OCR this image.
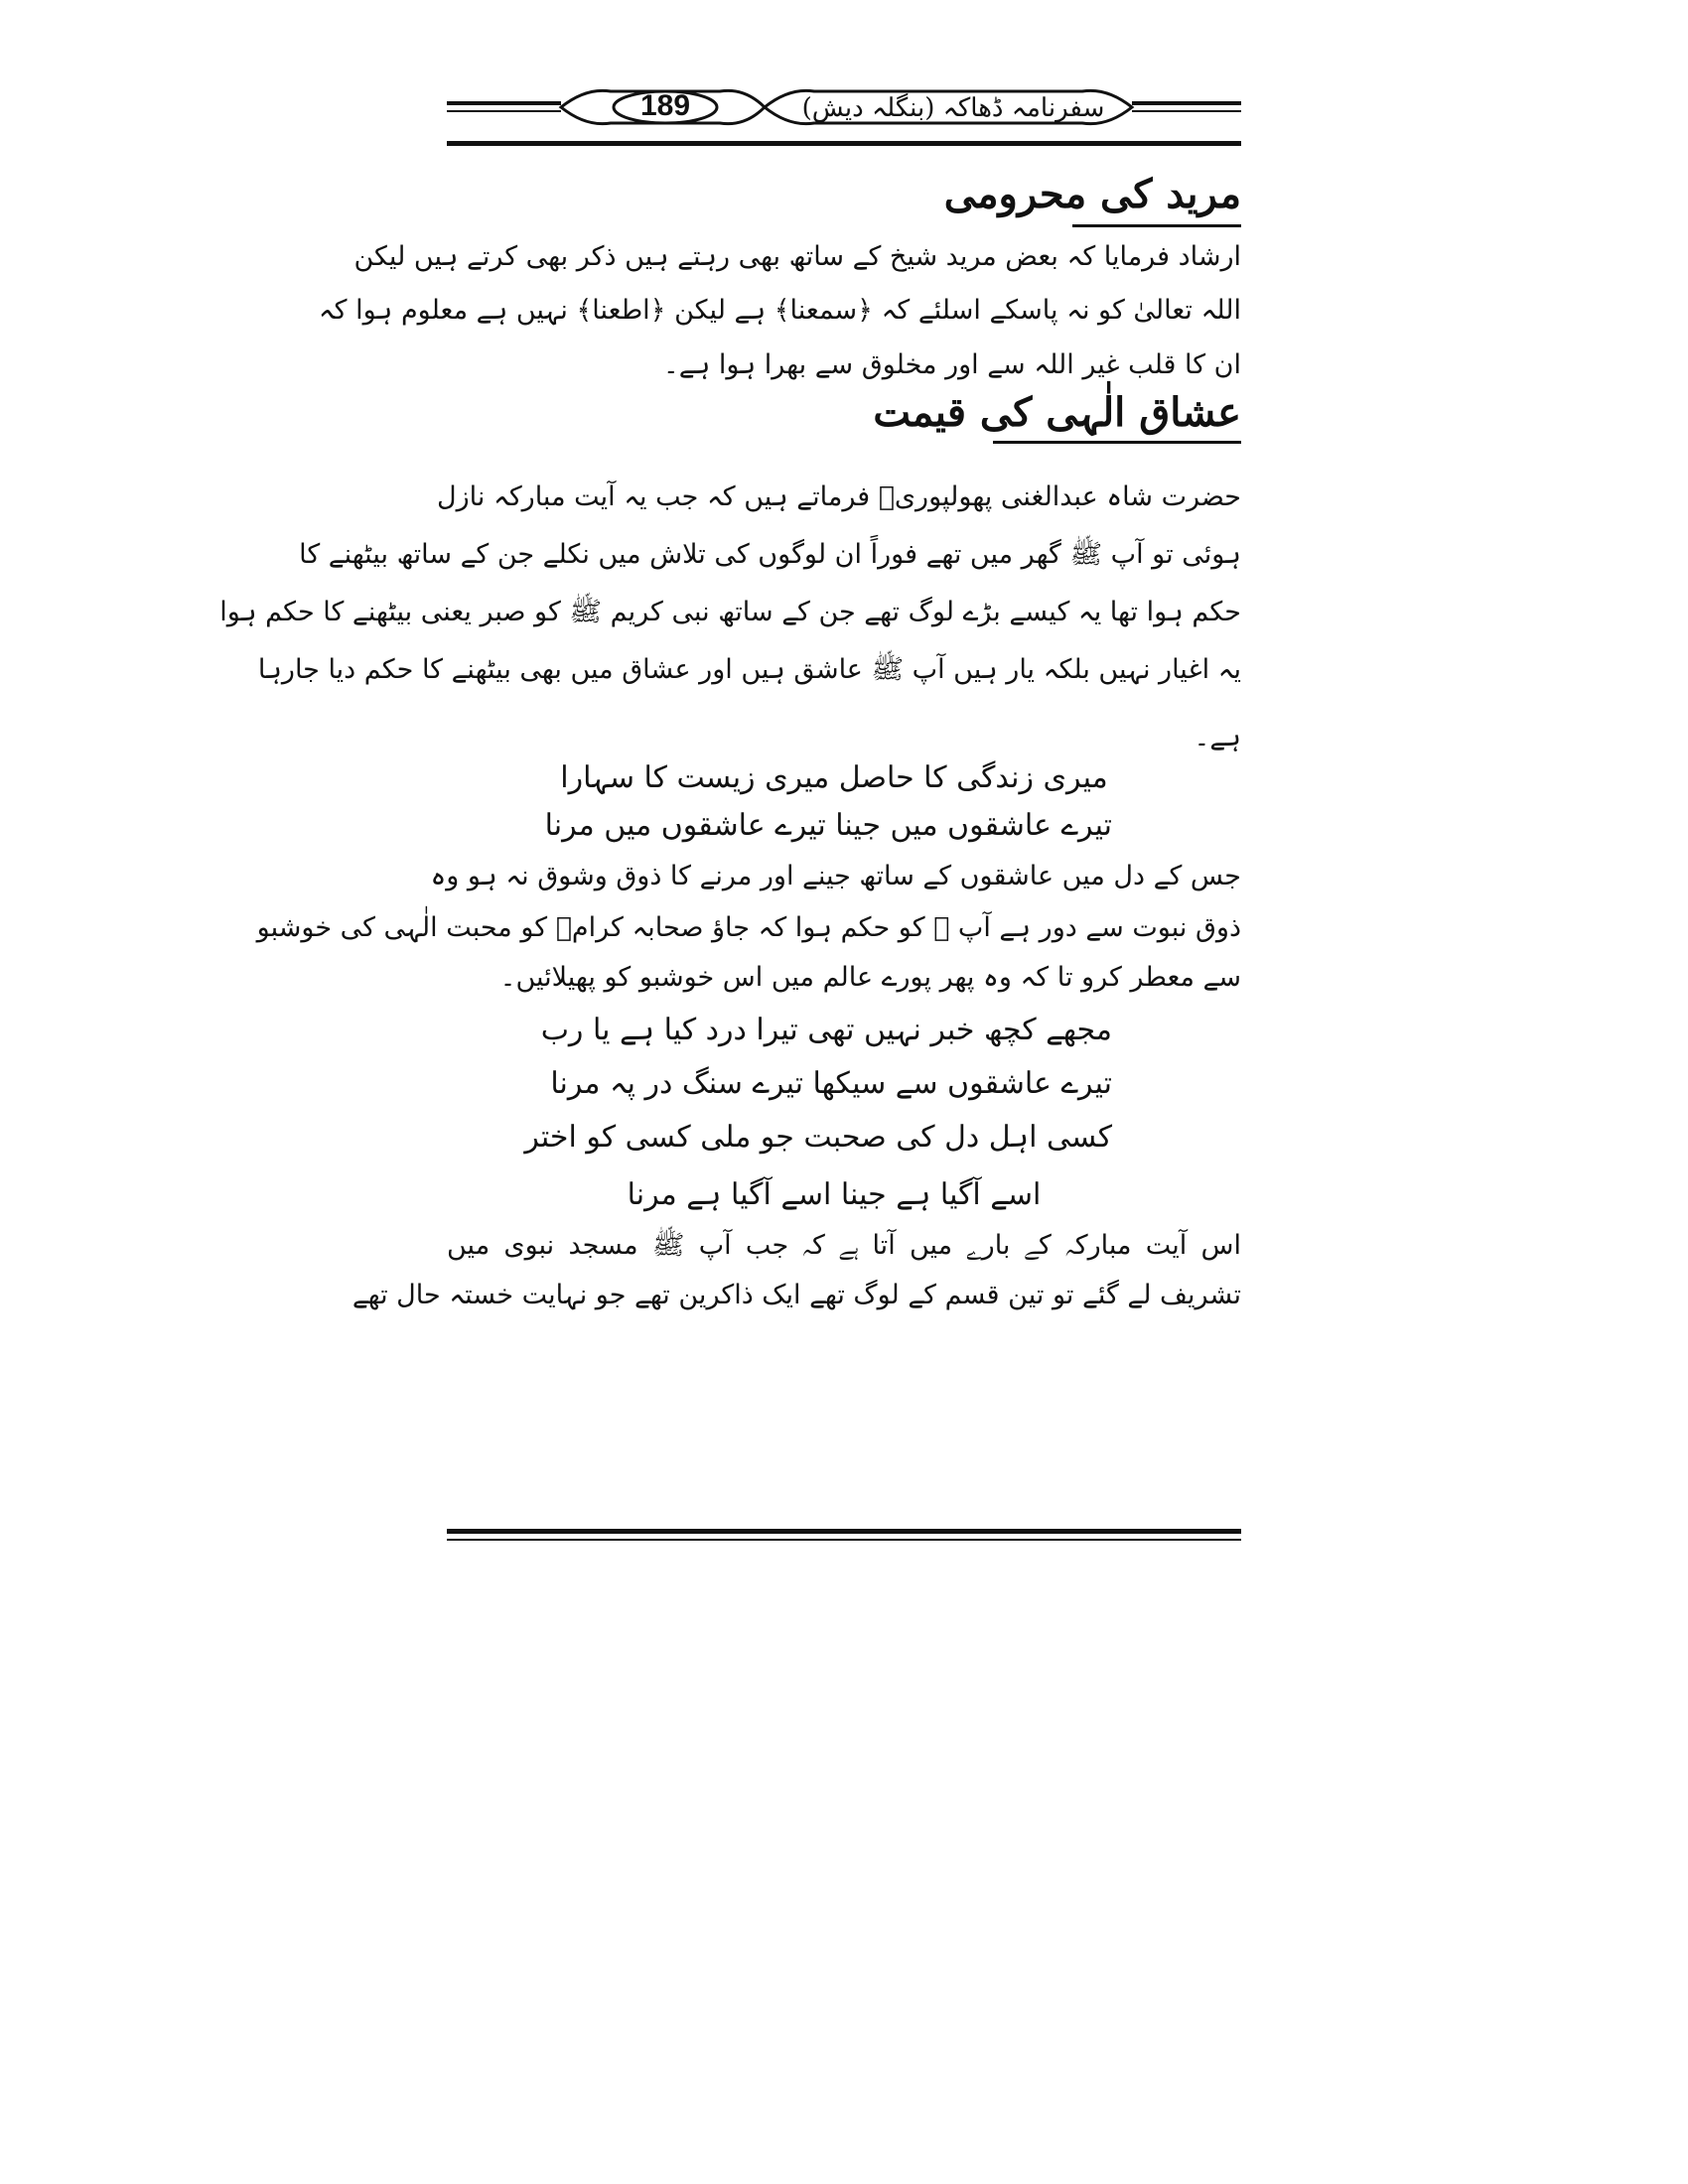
189	سفرنامہ ڈھاکہ (بنگلہ دیش)
مرید کی محرومی
ارشاد فرمایا کہ بعض مرید شیخ کے ساتھ بھی رہتے ہیں ذکر بھی کرتے ہیں لیکن
اللہ تعالیٰ کو نہ پاسکے اسلئے کہ ﴿سمعنا﴾ ہے لیکن ﴿اطعنا﴾ نہیں ہے معلوم ہوا کہ
ان کا قلب غیر اللہ سے اور مخلوق سے بھرا ہوا ہے۔
عشاق الٰہی کی قیمت
حضرت شاہ عبدالغنی پھولپوریؒ فرماتے ہیں کہ جب یہ آیت مبارکہ نازل
ہوئی تو آپ ﷺ گھر میں تھے فوراً ان لوگوں کی تلاش میں نکلے جن کے ساتھ بیٹھنے کا
حکم ہوا تھا یہ کیسے بڑے لوگ تھے جن کے ساتھ نبی کریم ﷺ کو صبر یعنی بیٹھنے کا حکم ہوا
یہ اغیار نہیں بلکہ یار ہیں آپ ﷺ عاشق ہیں اور عشاق میں بھی بیٹھنے کا حکم دیا جارہا
ہے۔
میری زندگی کا حاصل میری زیست کا سہارا
تیرے عاشقوں میں جینا تیرے عاشقوں میں مرنا
جس کے دل میں عاشقوں کے ساتھ جینے اور مرنے کا ذوق وشوق نہ ہو وہ
ذوق نبوت سے دور ہے آپ ﷺ کو حکم ہوا کہ جاؤ صحابہ کرامؓ کو محبت الٰہی کی خوشبو
سے معطر کرو تا کہ وہ پھر پورے عالم میں اس خوشبو کو پھیلائیں۔
مجھے کچھ خبر نہیں تھی تیرا درد کیا ہے یا رب
تیرے عاشقوں سے سیکھا تیرے سنگ در پہ مرنا
کسی اہل دل کی صحبت جو ملی کسی کو اختر
اسے آگیا ہے جینا اسے آگیا ہے مرنا
اس آیت مبارکہ کے بارے میں آتا ہے کہ جب آپ ﷺ مسجد نبوی میں
تشریف لے گئے تو تین قسم کے لوگ تھے ایک ذاکرین تھے جو نہایت خستہ حال تھے
